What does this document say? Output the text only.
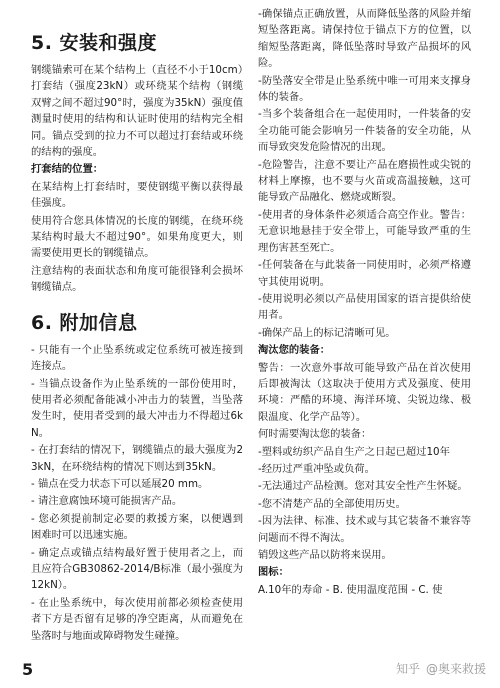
5. 安装和强度

钢缆锚索可在某个结构上（直径不小于10cm）打套结（强度23kN）或环绕某个结构（钢缆双臂之间不超过90°时，强度为35kN）强度值测量时使用的结构和认证时使用的结构完全相同。锚点受到的拉力不可以超过打套结或环绕的结构的强度。

打套结的位置：

在某结构上打套结时，要使钢缆平衡以获得最佳强度。

使用符合您具体情况的长度的钢缆，在绕环绕某结构时最大不超过90°。如果角度更大，则需要使用更长的钢缆锚点。

注意结构的表面状态和角度可能很锋利会损坏钢缆锚点。

6. 附加信息

- 只能有一个止坠系统或定位系统可被连接到连接点。

- 当锚点设备作为止坠系统的一部份使用时，使用者必须配备能减小冲击力的装置，当坠落发生时，使用者受到的最大冲击力不得超过6kN。

- 在打套结的情况下，钢缆锚点的最大强度为23kN，在环绕结构的情况下则达到35kN。

- 锚点在受力状态下可以延展20 mm。

- 请注意腐蚀环境可能损害产品。

- 您必须提前制定必要的救援方案，以便遇到困难时可以迅速实施。

- 确定点或锚点结构最好置于使用者之上，而且应符合GB30862-2014/B标准（最小强度为12kN）。

- 在止坠系统中，每次使用前都必须检查使用者下方是否留有足够的净空距离，从而避免在坠落时与地面或障碍物发生碰撞。

-确保锚点正确放置，从而降低坠落的风险并缩短坠落距离。请保持位于锚点下方的位置，以缩短坠落距离，降低坠落时导致产品损坏的风险。

-防坠落安全带是止坠系统中唯一可用来支撑身体的装备。

-当多个装备组合在一起使用时，一件装备的安全功能可能会影响另一件装备的安全功能，从而导致突发危险情况的出现。

-危险警告，注意不要让产品在磨损性或尖锐的材料上摩擦，也不要与火苗或高温接触，这可能导致产品融化、燃烧或断裂。

-使用者的身体条件必须适合高空作业。警告：无意识地悬挂于安全带上，可能导致严重的生理伤害甚至死亡。

-任何装备在与此装备一同使用时，必须严格遵守其使用说明。

-使用说明必须以产品使用国家的语言提供给使用者。

-确保产品上的标记清晰可见。

淘汰您的装备：

警告：一次意外事故可能导致产品在首次使用后即被淘汰（这取决于使用方式及强度、使用环境：严酷的环境、海洋环境、尖锐边缘、极限温度、化学产品等）。

何时需要淘汰您的装备：

-塑料或纺织产品自生产之日起已超过10年

-经历过严重冲坠或负荷。

-无法通过产品检测。您对其安全性产生怀疑。

-您不清楚产品的全部使用历史。

-因为法律、标准、技术或与其它装备不兼容等问题而不得不淘汰。

销毁这些产品以防将来误用。

图标：

A.10年的寿命 - B. 使用温度范围 - C. 使

5	知乎 @奥来救援
